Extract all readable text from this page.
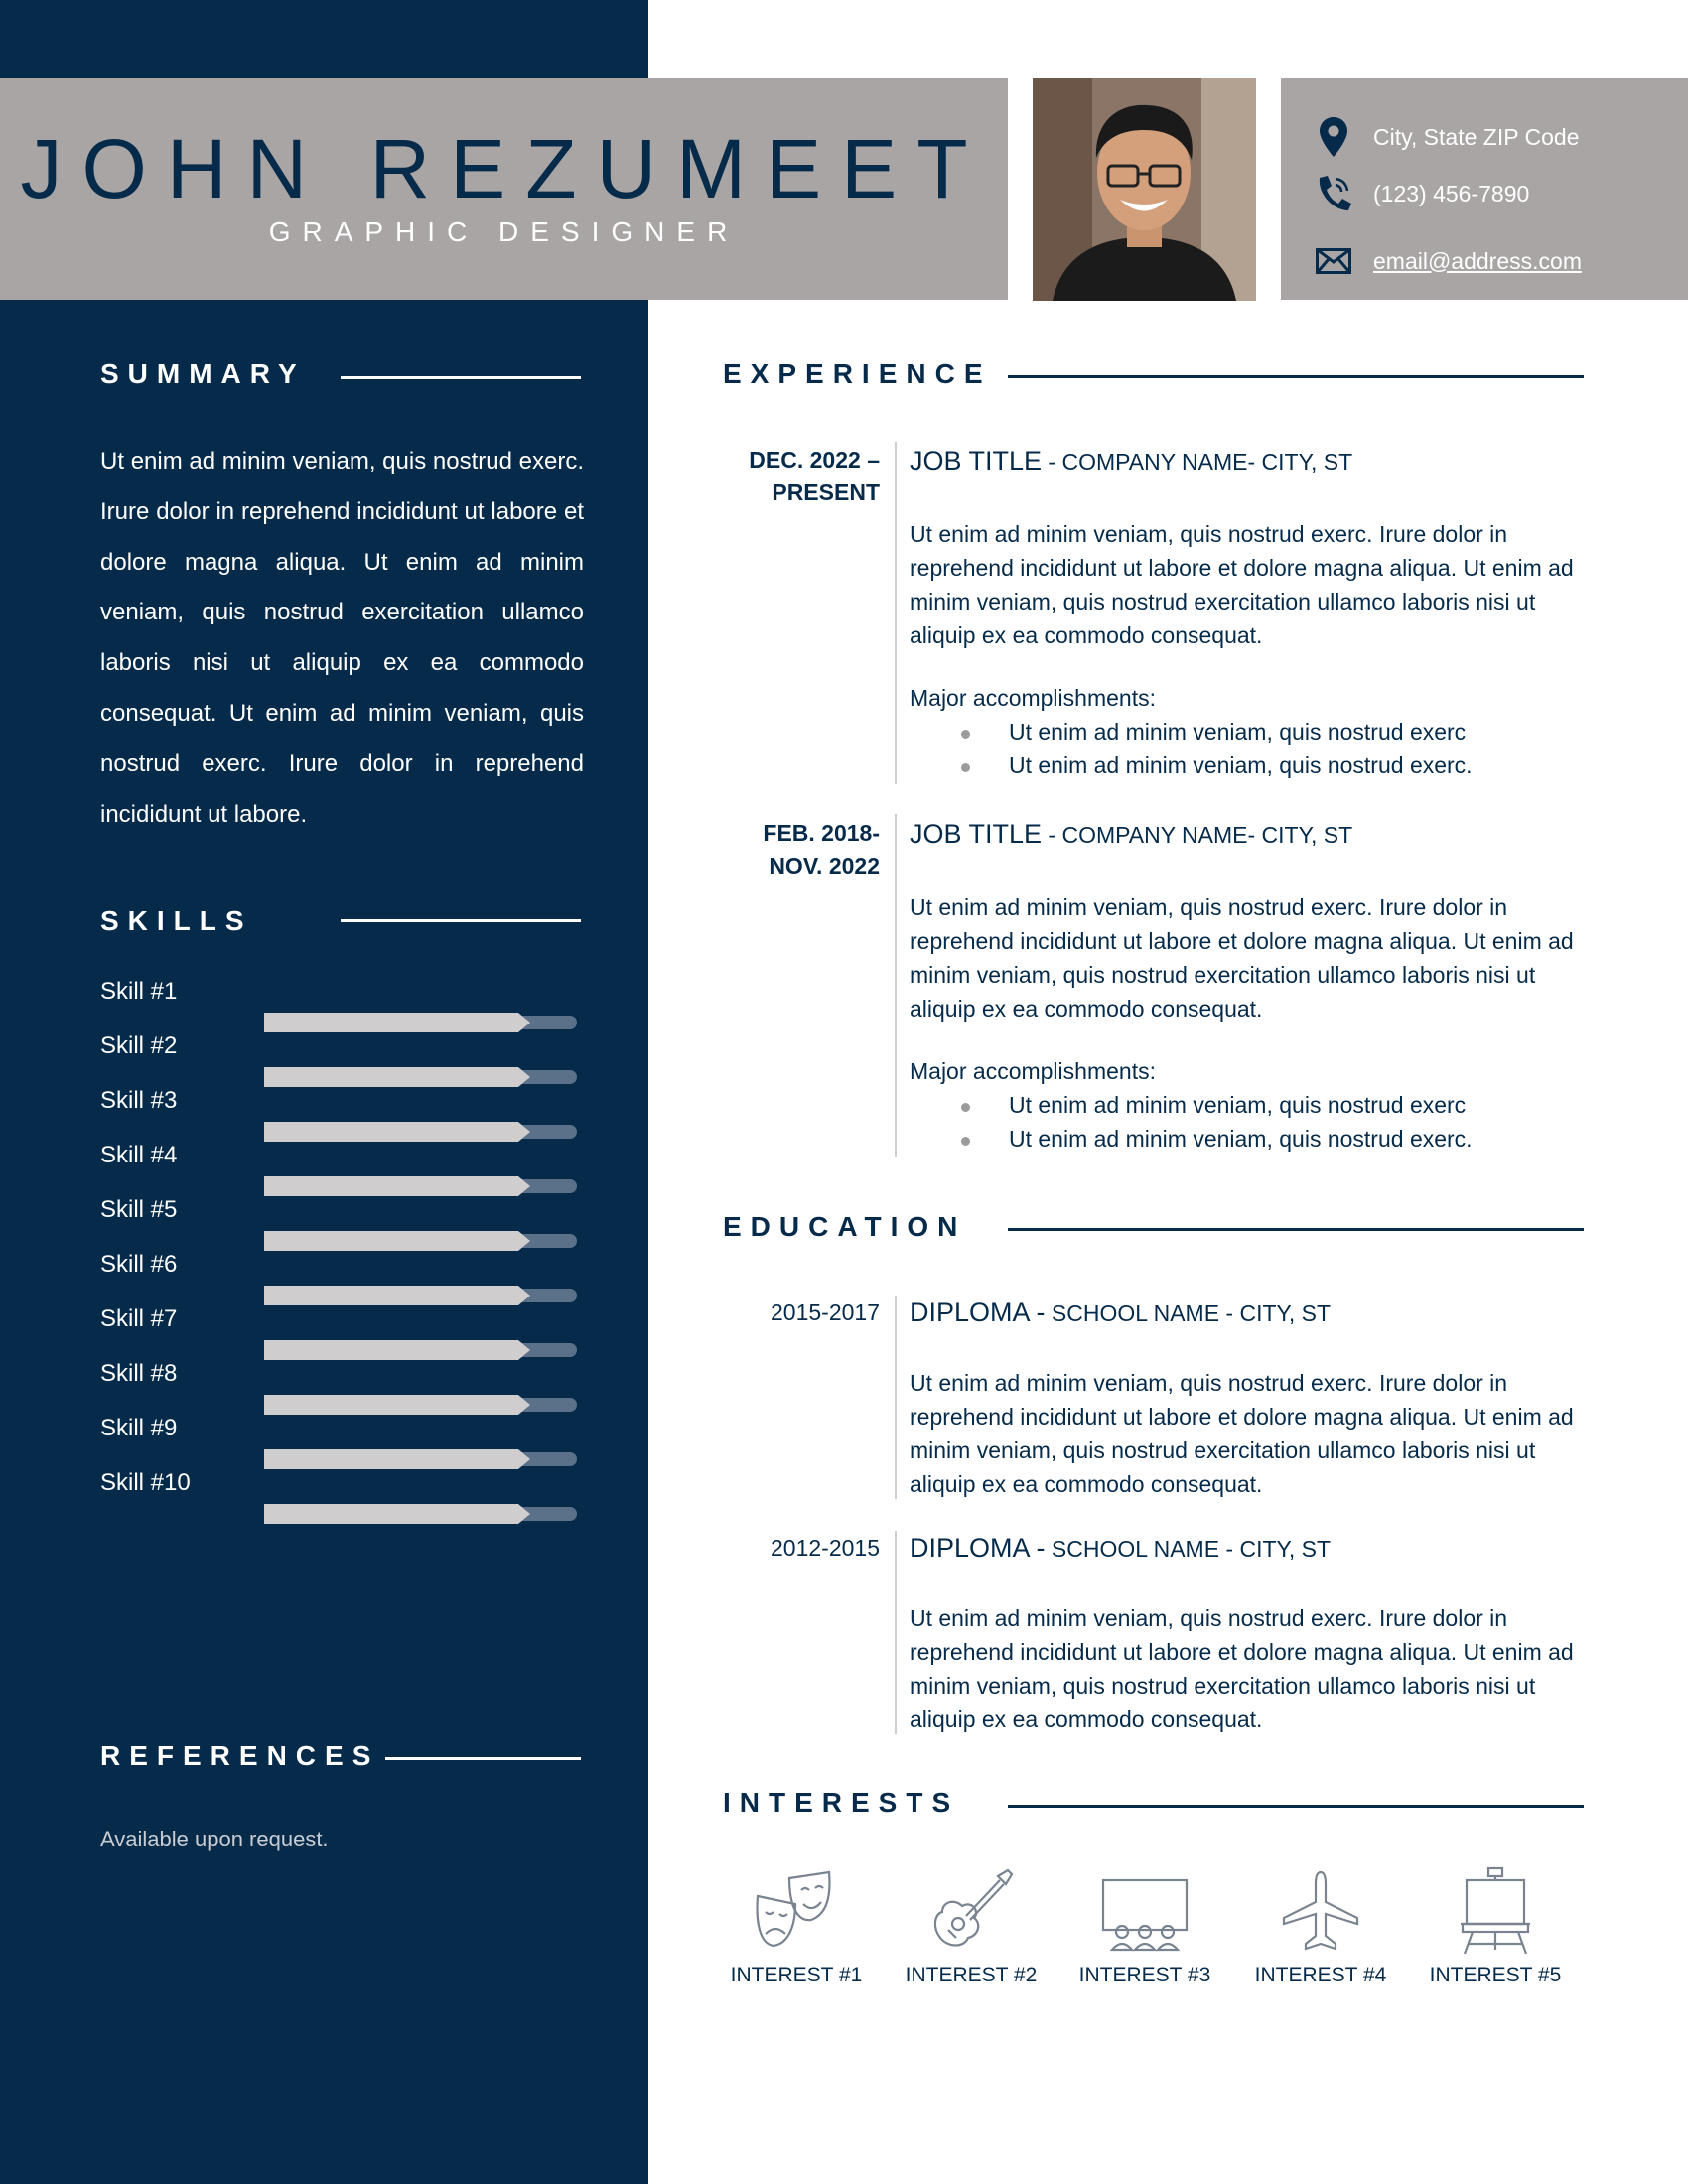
JOHN REZUMEET
GRAPHIC DESIGNER
City, State ZIP Code
(123) 456-7890
email@address.com
SUMMARY

Ut enim ad minim veniam, quis nostrud exerc. Irure dolor in reprehend incididunt ut labore et dolore magna aliqua. Ut enim ad minim veniam, quis nostrud exercitation ullamco laboris nisi ut aliquip ex ea commodo consequat. Ut enim ad minim veniam, quis nostrud exerc. Irure dolor in reprehend incididunt ut labore.

SKILLS
Skill #1
Skill #2
Skill #3
Skill #4
Skill #5
Skill #6
Skill #7
Skill #8
Skill #9
Skill #10
REFERENCES
Available upon request.
EXPERIENCE
DEC. 2022 –
PRESENT
JOB TITLE - COMPANY NAME- CITY, ST

Ut enim ad minim veniam, quis nostrud exerc. Irure dolor in reprehend incididunt ut labore et dolore magna aliqua. Ut enim ad minim veniam, quis nostrud exercitation ullamco laboris nisi ut aliquip ex ea commodo consequat.

Major accomplishments:
Ut enim ad minim veniam, quis nostrud exerc
Ut enim ad minim veniam, quis nostrud exerc.
FEB. 2018-
NOV. 2022
JOB TITLE - COMPANY NAME- CITY, ST

Ut enim ad minim veniam, quis nostrud exerc. Irure dolor in reprehend incididunt ut labore et dolore magna aliqua. Ut enim ad minim veniam, quis nostrud exercitation ullamco laboris nisi ut aliquip ex ea commodo consequat.

Major accomplishments:
Ut enim ad minim veniam, quis nostrud exerc
Ut enim ad minim veniam, quis nostrud exerc.
EDUCATION
2015-2017 DIPLOMA - SCHOOL NAME - CITY, ST

Ut enim ad minim veniam, quis nostrud exerc. Irure dolor in reprehend incididunt ut labore et dolore magna aliqua. Ut enim ad minim veniam, quis nostrud exercitation ullamco laboris nisi ut aliquip ex ea commodo consequat.

2012-2015 DIPLOMA - SCHOOL NAME - CITY, ST

Ut enim ad minim veniam, quis nostrud exerc. Irure dolor in reprehend incididunt ut labore et dolore magna aliqua. Ut enim ad minim veniam, quis nostrud exercitation ullamco laboris nisi ut aliquip ex ea commodo consequat.

INTERESTS
INTEREST #1	INTEREST #2	INTEREST #3	INTEREST #4	INTEREST #5
